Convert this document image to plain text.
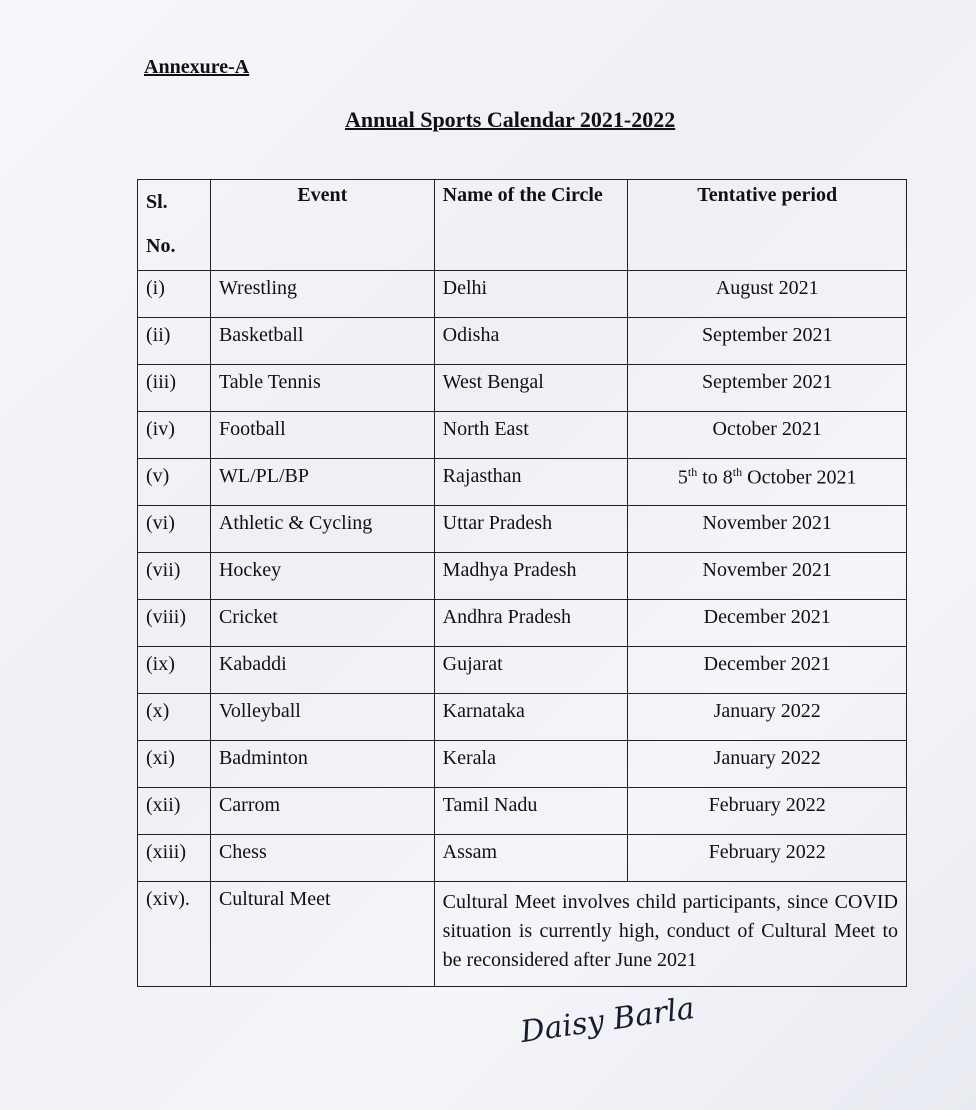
Annexure-A
Annual Sports Calendar 2021-2022
Sl.
No.	Event	Name of the Circle	Tentative period
(i)	Wrestling	Delhi	August 2021
(ii)	Basketball	Odisha	September 2021
(iii)	Table Tennis	West Bengal	September 2021
(iv)	Football	North East	October 2021
(v)	WL/PL/BP	Rajasthan	5th to 8th October 2021
(vi)	Athletic & Cycling	Uttar Pradesh	November 2021
(vii)	Hockey	Madhya Pradesh	November 2021
(viii)	Cricket	Andhra Pradesh	December 2021
(ix)	Kabaddi	Gujarat	December 2021
(x)	Volleyball	Karnataka	January 2022
(xi)	Badminton	Kerala	January 2022
(xii)	Carrom	Tamil Nadu	February 2022
(xiii)	Chess	Assam	February 2022
(xiv).	Cultural Meet	Cultural Meet involves child participants, since COVID situation is currently high, conduct of Cultural Meet to be reconsidered after June 2021	
Daisy Barla
